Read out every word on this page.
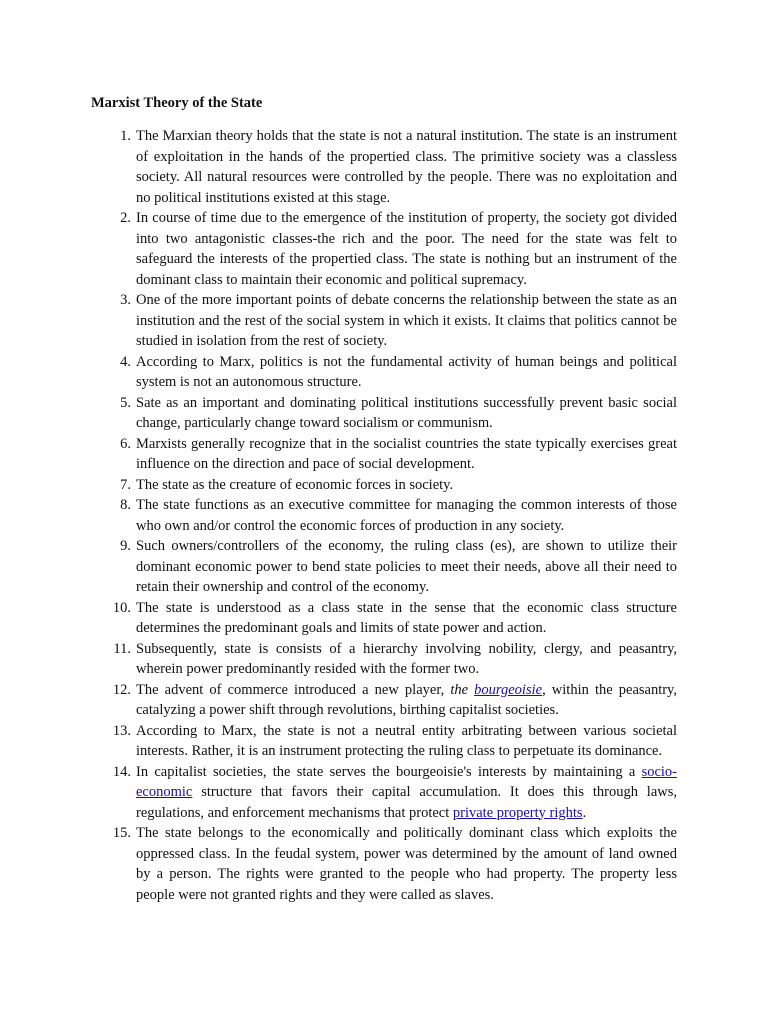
Marxist Theory of the State
1. The Marxian theory holds that the state is not a natural institution. The state is an instrument of exploitation in the hands of the propertied class. The primitive society was a classless society. All natural resources were controlled by the people. There was no exploitation and no political institutions existed at this stage.
2. In course of time due to the emergence of the institution of property, the society got divided into two antagonistic classes-the rich and the poor. The need for the state was felt to safeguard the interests of the propertied class. The state is nothing but an instrument of the dominant class to maintain their economic and political supremacy.
3. One of the more important points of debate concerns the relationship between the state as an institution and the rest of the social system in which it exists. It claims that politics cannot be studied in isolation from the rest of society.
4. According to Marx, politics is not the fundamental activity of human beings and political system is not an autonomous structure.
5. Sate as an important and dominating political institutions successfully prevent basic social change, particularly change toward socialism or communism.
6. Marxists generally recognize that in the socialist countries the state typically exercises great influence on the direction and pace of social development.
7. The state as the creature of economic forces in society.
8. The state functions as an executive committee for managing the common interests of those who own and/or control the economic forces of production in any society.
9. Such owners/controllers of the economy, the ruling class (es), are shown to utilize their dominant economic power to bend state policies to meet their needs, above all their need to retain their ownership and control of the economy.
10. The state is understood as a class state in the sense that the economic class structure determines the predominant goals and limits of state power and action.
11. Subsequently, state is consists of a hierarchy involving nobility, clergy, and peasantry, wherein power predominantly resided with the former two.
12. The advent of commerce introduced a new player, the bourgeoisie, within the peasantry, catalyzing a power shift through revolutions, birthing capitalist societies.
13. According to Marx, the state is not a neutral entity arbitrating between various societal interests. Rather, it is an instrument protecting the ruling class to perpetuate its dominance.
14. In capitalist societies, the state serves the bourgeoisie's interests by maintaining a socio-economic structure that favors their capital accumulation. It does this through laws, regulations, and enforcement mechanisms that protect private property rights.
15. The state belongs to the economically and politically dominant class which exploits the oppressed class. In the feudal system, power was determined by the amount of land owned by a person. The rights were granted to the people who had property. The property less people were not granted rights and they were called as slaves.
